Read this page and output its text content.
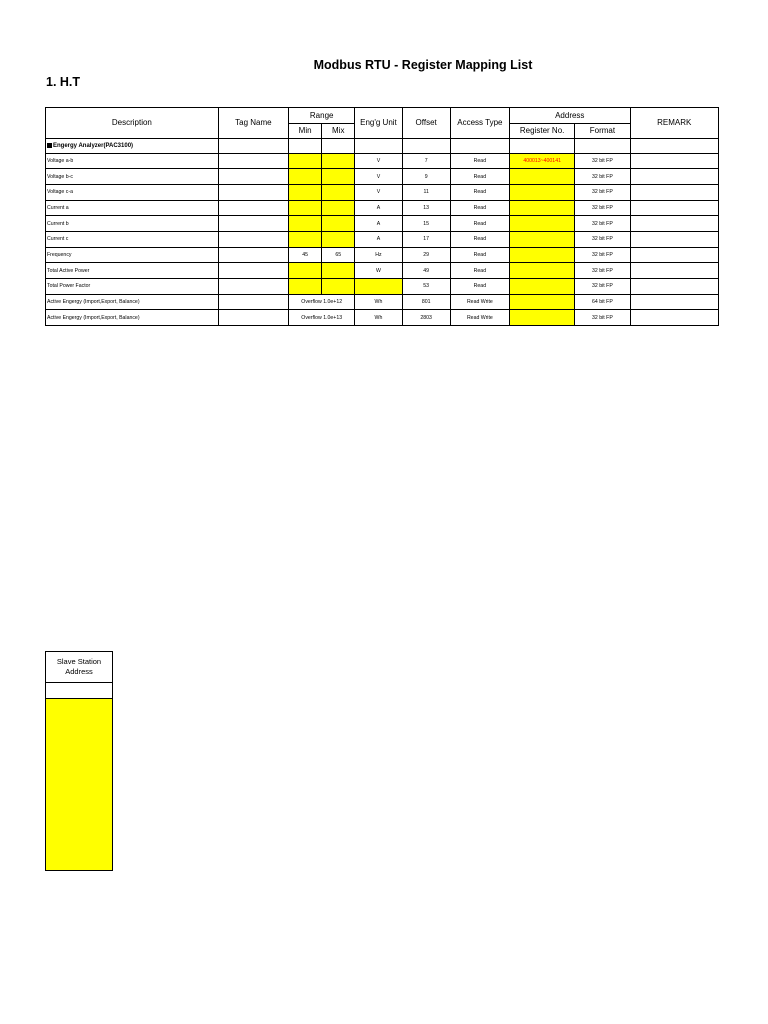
Modbus RTU - Register Mapping List
1. H.T
Description	Tag Name	Range		Eng'g Unit	Offset	Access Type	Address		REMARK
		Min	Mix				Register No.	Format	
Engergy Analyzer(PAC3100)									
Voltage a-b				V	7	Read	400013~400141	32 bit FP	
Voltage b-c				V	9	Read		32 bit FP	
Voltage c-a				V	11	Read		32 bit FP	
Current a				A	13	Read		32 bit FP	
Current b				A	15	Read		32 bit FP	
Current c				A	17	Read		32 bit FP	
Frequency		45	65	Hz	29	Read		32 bit FP	
Total Active Power				W	49	Read		32 bit FP	
Total Power Factor					53	Read		32 bit FP	
Active Engergy (Import,Export, Balance)		Overflow 1.0e+12		Wh	801	Read Write		64 bit FP	
Active Engergy (Import,Export, Balance)		Overflow 1.0e+13		Wh	2803	Read Write		32 bit FP	
Slave Station Address
